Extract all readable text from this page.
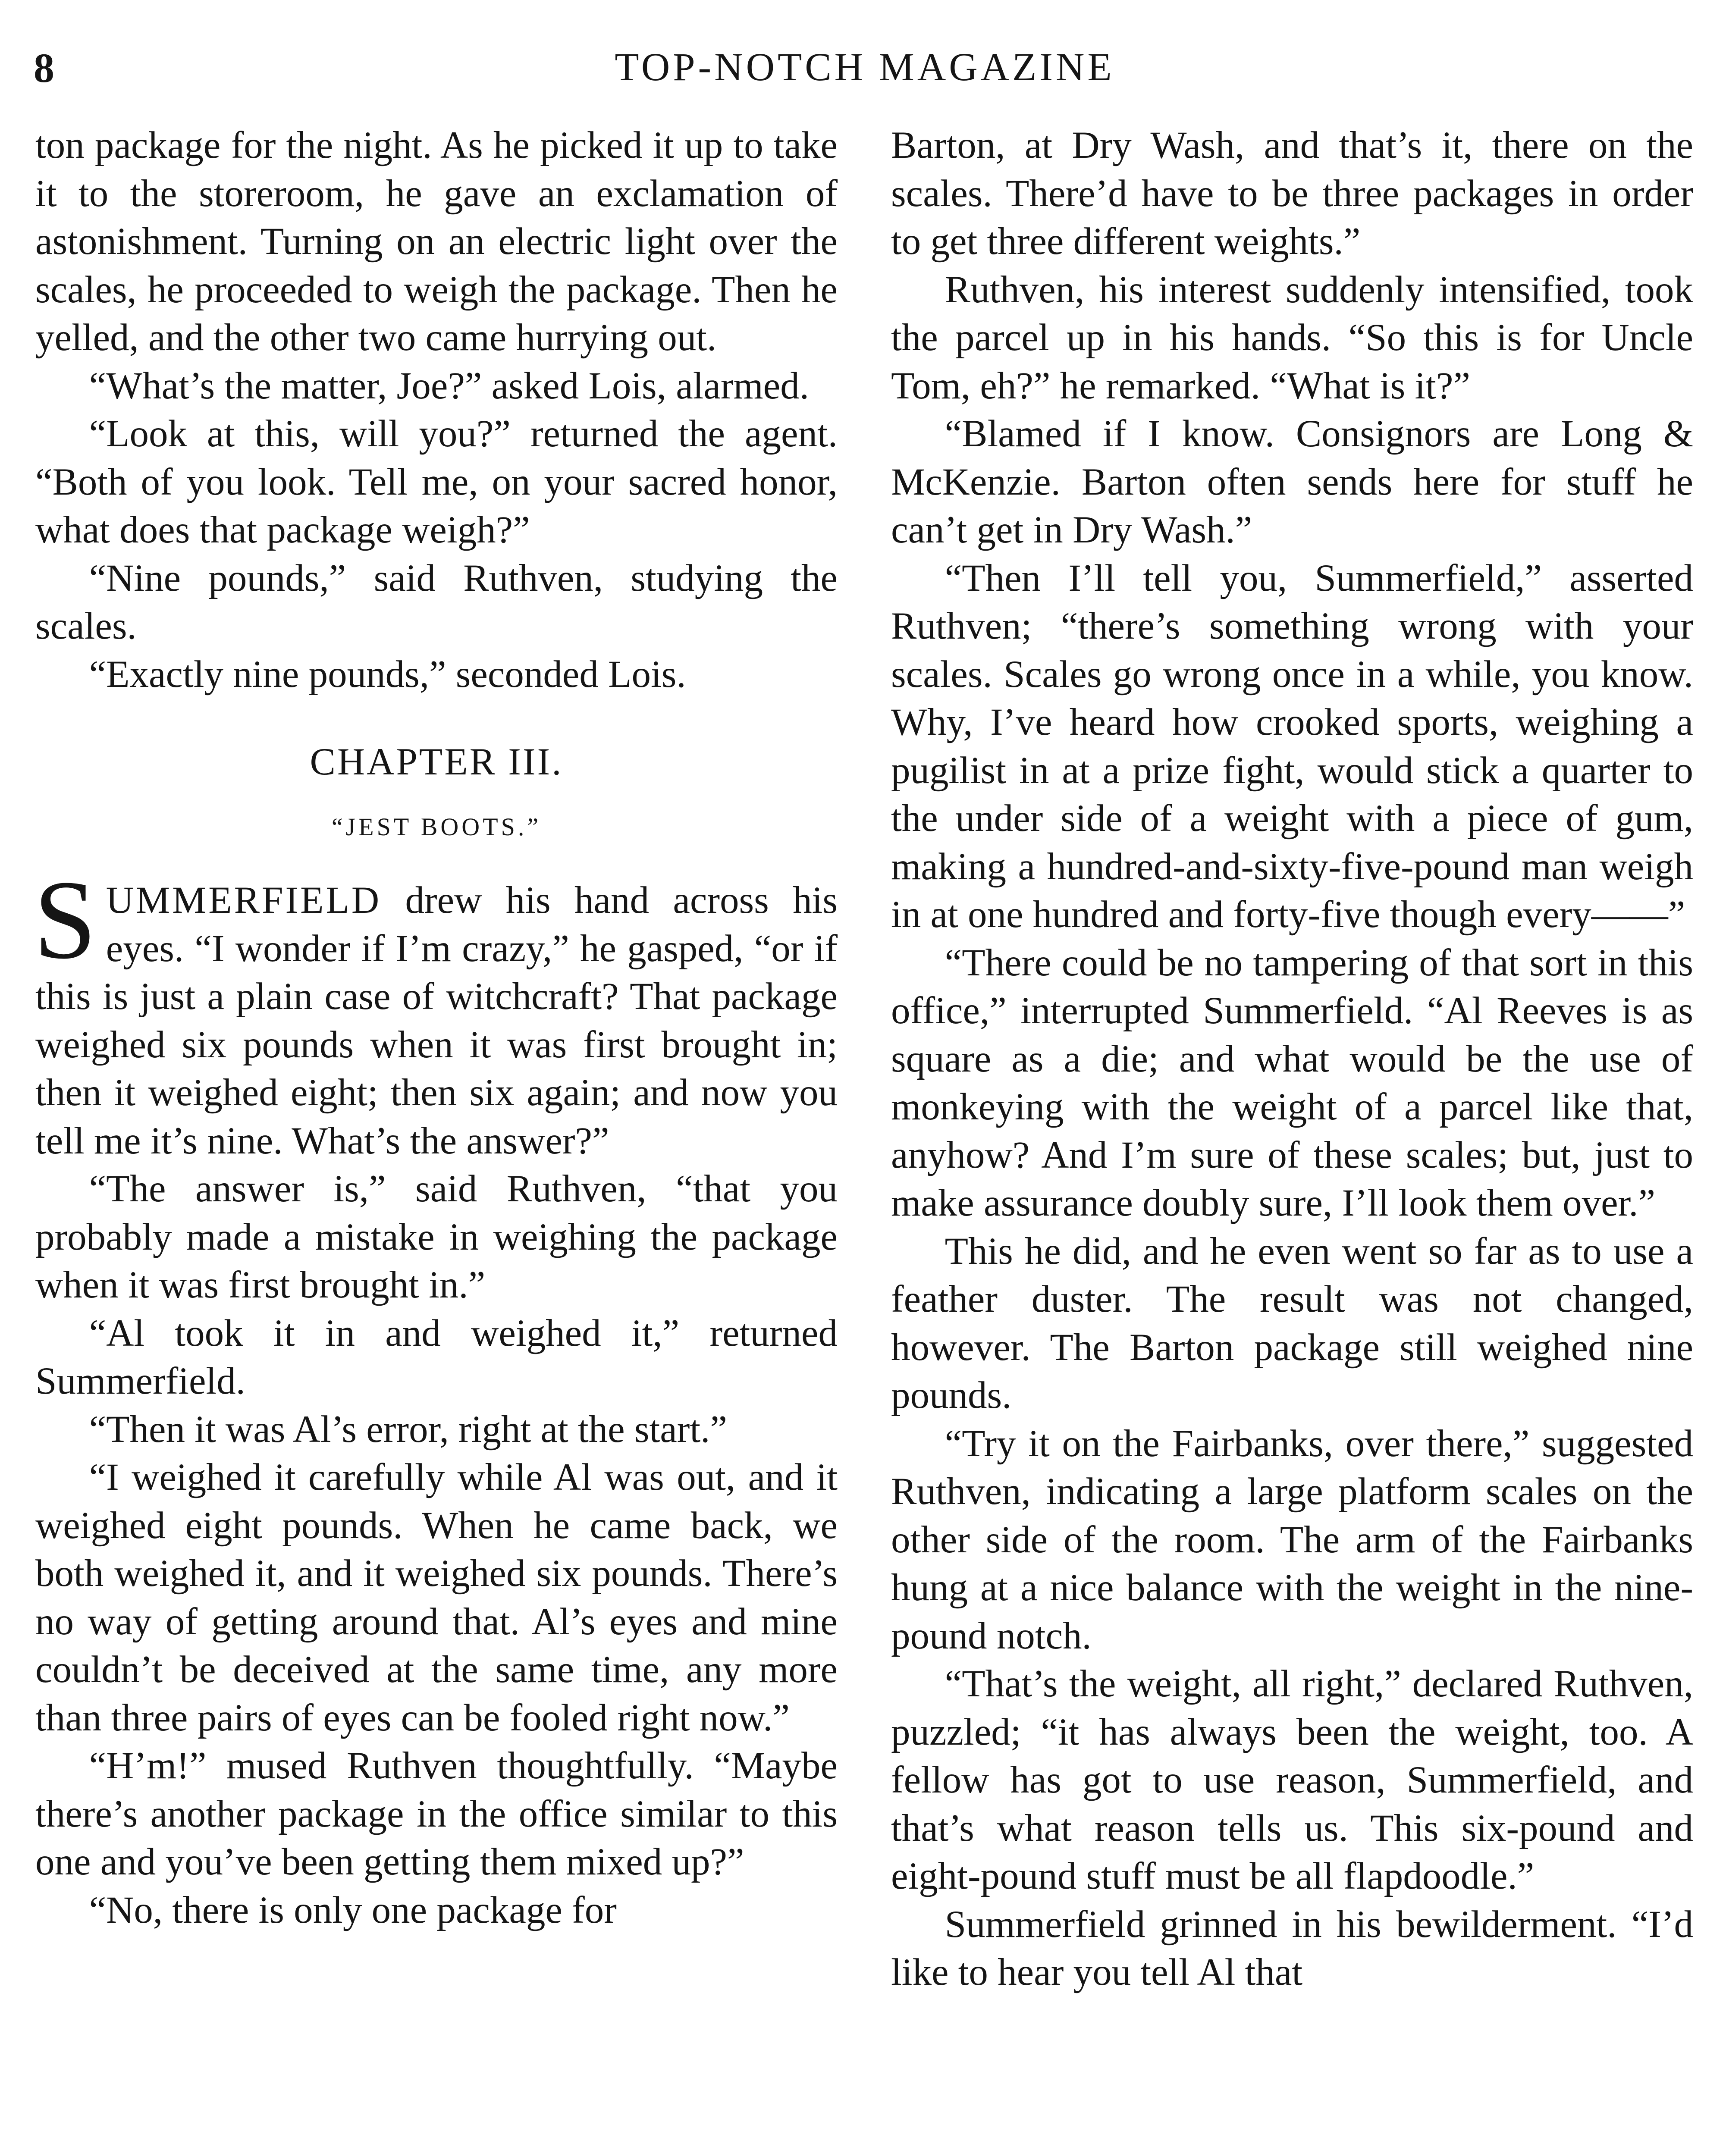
8	TOP-NOTCH MAGAZINE

ton package for the night. As he picked it up to take it to the storeroom, he gave an exclamation of astonishment. Turning on an electric light over the scales, he proceeded to weigh the package. Then he yelled, and the other two came hurrying out.

“What’s the matter, Joe?” asked Lois, alarmed.

“Look at this, will you?” returned the agent. “Both of you look. Tell me, on your sacred honor, what does that package weigh?”

“Nine pounds,” said Ruthven, studying the scales.

“Exactly nine pounds,” seconded Lois.

CHAPTER III.
“JEST BOOTS.”

SUMMERFIELD drew his hand across his eyes. “I wonder if I’m crazy,” he gasped, “or if this is just a plain case of witchcraft? That package weighed six pounds when it was first brought in; then it weighed eight; then six again; and now you tell me it’s nine. What’s the answer?”

“The answer is,” said Ruthven, “that you probably made a mistake in weighing the package when it was first brought in.”

“Al took it in and weighed it,” returned Summerfield.

“Then it was Al’s error, right at the start.”

“I weighed it carefully while Al was out, and it weighed eight pounds. When he came back, we both weighed it, and it weighed six pounds. There’s no way of getting around that. Al’s eyes and mine couldn’t be deceived at the same time, any more than three pairs of eyes can be fooled right now.”

“H’m!” mused Ruthven thoughtfully. “Maybe there’s another package in the office similar to this one and you’ve been getting them mixed up?”

“No, there is only one package for

Barton, at Dry Wash, and that’s it, there on the scales. There’d have to be three packages in order to get three different weights.”

Ruthven, his interest suddenly intensified, took the parcel up in his hands. “So this is for Uncle Tom, eh?” he remarked. “What is it?”

“Blamed if I know. Consignors are Long & McKenzie. Barton often sends here for stuff he can’t get in Dry Wash.”

“Then I’ll tell you, Summerfield,” asserted Ruthven; “there’s something wrong with your scales. Scales go wrong once in a while, you know. Why, I’ve heard how crooked sports, weighing a pugilist in at a prize fight, would stick a quarter to the under side of a weight with a piece of gum, making a hundred-and-sixty-five-pound man weigh in at one hundred and forty-five though every——”

“There could be no tampering of that sort in this office,” interrupted Summerfield. “Al Reeves is as square as a die; and what would be the use of monkeying with the weight of a parcel like that, anyhow? And I’m sure of these scales; but, just to make assurance doubly sure, I’ll look them over.”

This he did, and he even went so far as to use a feather duster. The result was not changed, however. The Barton package still weighed nine pounds.

“Try it on the Fairbanks, over there,” suggested Ruthven, indicating a large platform scales on the other side of the room. The arm of the Fairbanks hung at a nice balance with the weight in the nine-pound notch.

“That’s the weight, all right,” declared Ruthven, puzzled; “it has always been the weight, too. A fellow has got to use reason, Summerfield, and that’s what reason tells us. This six-pound and eight-pound stuff must be all flapdoodle.”

Summerfield grinned in his bewilderment. “I’d like to hear you tell Al that
